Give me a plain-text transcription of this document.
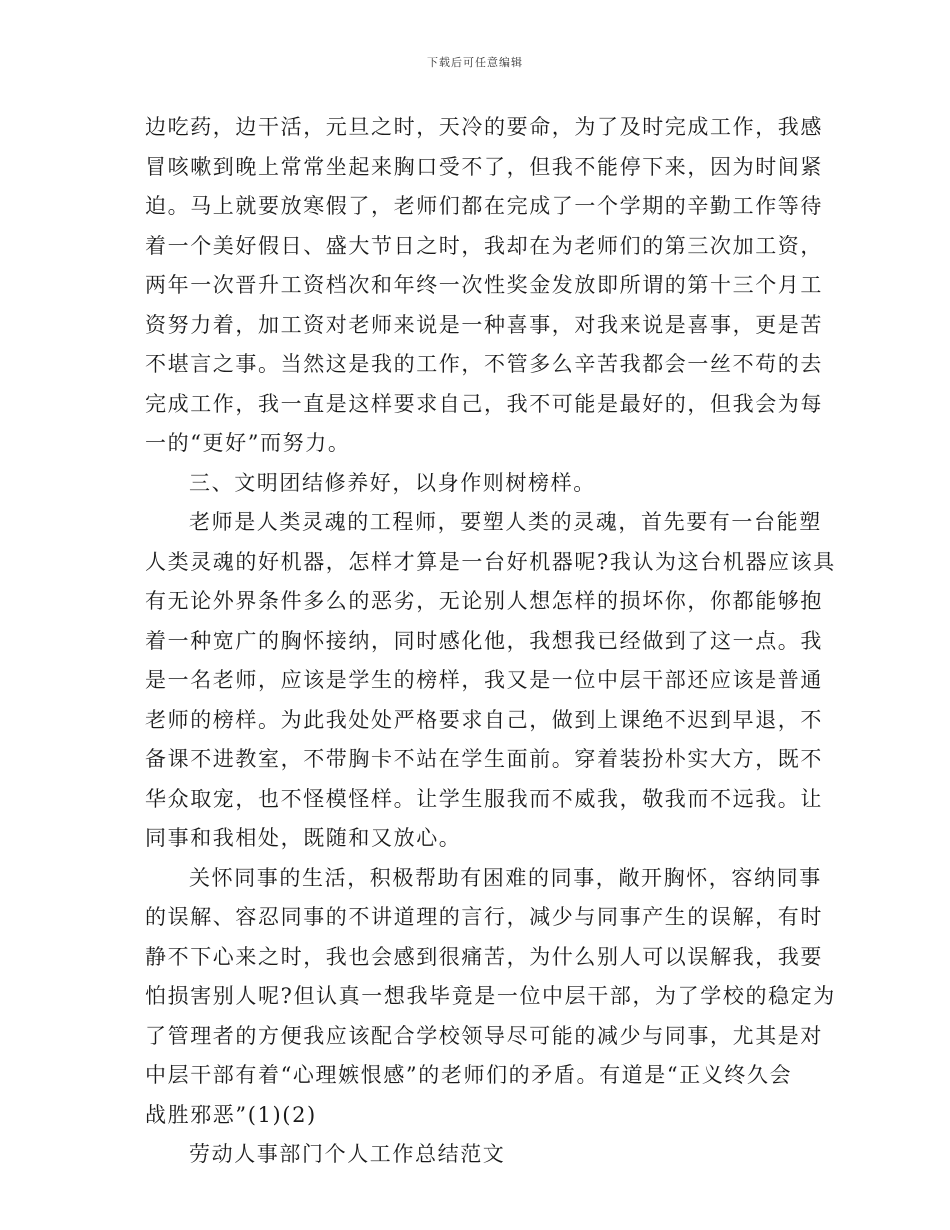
下载后可任意编辑
边吃药，边干活，元旦之时，天冷的要命，为了及时完成工作，我感
冒咳嗽到晚上常常坐起来胸口受不了，但我不能停下来，因为时间紧
迫。马上就要放寒假了，老师们都在完成了一个学期的辛勤工作等待
着一个美好假日、盛大节日之时，我却在为老师们的第三次加工资，
两年一次晋升工资档次和年终一次性奖金发放即所谓的第十三个月工
资努力着，加工资对老师来说是一种喜事，对我来说是喜事，更是苦
不堪言之事。当然这是我的工作，不管多么辛苦我都会一丝不苟的去
完成工作，我一直是这样要求自己，我不可能是最好的，但我会为每
一的“更好”而努力。
三、文明团结修养好，以身作则树榜样。
老师是人类灵魂的工程师，要塑人类的灵魂，首先要有一台能塑
人类灵魂的好机器，怎样才算是一台好机器呢?我认为这台机器应该具
有无论外界条件多么的恶劣，无论别人想怎样的损坏你，你都能够抱
着一种宽广的胸怀接纳，同时感化他，我想我已经做到了这一点。我
是一名老师，应该是学生的榜样，我又是一位中层干部还应该是普通
老师的榜样。为此我处处严格要求自己，做到上课绝不迟到早退，不
备课不进教室，不带胸卡不站在学生面前。穿着装扮朴实大方，既不
华众取宠，也不怪模怪样。让学生服我而不威我，敬我而不远我。让
同事和我相处，既随和又放心。
关怀同事的生活，积极帮助有困难的同事，敞开胸怀，容纳同事
的误解、容忍同事的不讲道理的言行，减少与同事产生的误解，有时
静不下心来之时，我也会感到很痛苦，为什么别人可以误解我，我要
怕损害别人呢?但认真一想我毕竟是一位中层干部，为了学校的稳定为
了管理者的方便我应该配合学校领导尽可能的减少与同事，尤其是对
中层干部有着“心理嫉恨感”的老师们的矛盾。有道是“正义终久会
战胜邪恶”(1)(2)
劳动人事部门个人工作总结范文
